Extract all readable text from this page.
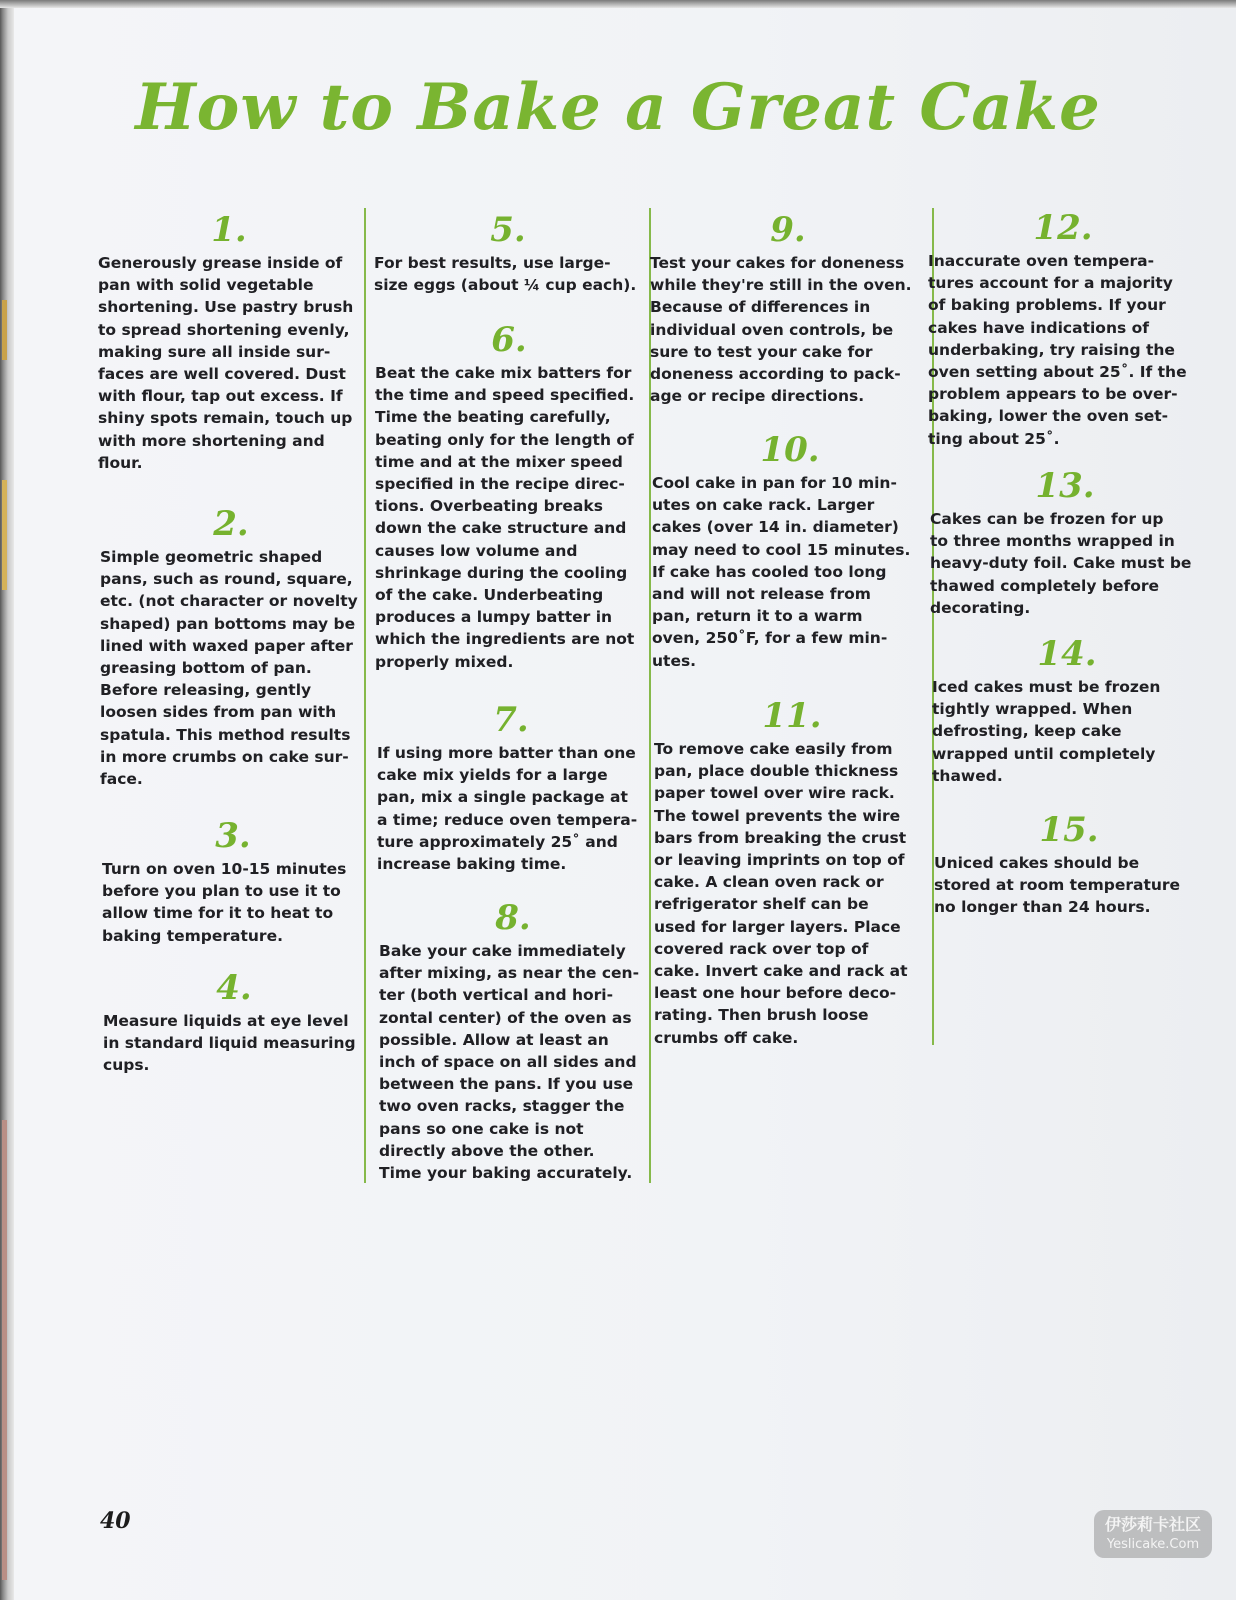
How to Bake a Great Cake

1.

Generously grease inside of
pan with solid vegetable
shortening. Use pastry brush
to spread shortening evenly,
making sure all inside sur-
faces are well covered. Dust
with flour, tap out excess. If
shiny spots remain, touch up
with more shortening and
flour.

2.

Simple geometric shaped
pans, such as round, square,
etc. (not character or novelty
shaped) pan bottoms may be
lined with waxed paper after
greasing bottom of pan.
Before releasing, gently
loosen sides from pan with
spatula. This method results
in more crumbs on cake sur-
face.

3.

Turn on oven 10-15 minutes
before you plan to use it to
allow time for it to heat to
baking temperature.

4.

Measure liquids at eye level
in standard liquid measuring
cups.

5.

For best results, use large-
size eggs (about ¼ cup each).

6.

Beat the cake mix batters for
the time and speed specified.
Time the beating carefully,
beating only for the length of
time and at the mixer speed
specified in the recipe direc-
tions. Overbeating breaks
down the cake structure and
causes low volume and
shrinkage during the cooling
of the cake. Underbeating
produces a lumpy batter in
which the ingredients are not
properly mixed.

7.

If using more batter than one
cake mix yields for a large
pan, mix a single package at
a time; reduce oven tempera-
ture approximately 25˚ and
increase baking time.

8.

Bake your cake immediately
after mixing, as near the cen-
ter (both vertical and hori-
zontal center) of the oven as
possible. Allow at least an
inch of space on all sides and
between the pans. If you use
two oven racks, stagger the
pans so one cake is not
directly above the other.
Time your baking accurately.

9.

Test your cakes for doneness
while they're still in the oven.
Because of differences in
individual oven controls, be
sure to test your cake for
doneness according to pack-
age or recipe directions.

10.

Cool cake in pan for 10 min-
utes on cake rack. Larger
cakes (over 14 in. diameter)
may need to cool 15 minutes.
If cake has cooled too long
and will not release from
pan, return it to a warm
oven, 250˚F, for a few min-
utes.

11.

To remove cake easily from
pan, place double thickness
paper towel over wire rack.
The towel prevents the wire
bars from breaking the crust
or leaving imprints on top of
cake. A clean oven rack or
refrigerator shelf can be
used for larger layers. Place
covered rack over top of
cake. Invert cake and rack at
least one hour before deco-
rating. Then brush loose
crumbs off cake.

12.

Inaccurate oven tempera-
tures account for a majority
of baking problems. If your
cakes have indications of
underbaking, try raising the
oven setting about 25˚. If the
problem appears to be over-
baking, lower the oven set-
ting about 25˚.

13.

Cakes can be frozen for up
to three months wrapped in
heavy-duty foil. Cake must be
thawed completely before
decorating.

14.

Iced cakes must be frozen
tightly wrapped. When
defrosting, keep cake
wrapped until completely
thawed.

15.

Uniced cakes should be
stored at room temperature
no longer than 24 hours.

40	伊莎莉卡社区
Yeslicake.Com
